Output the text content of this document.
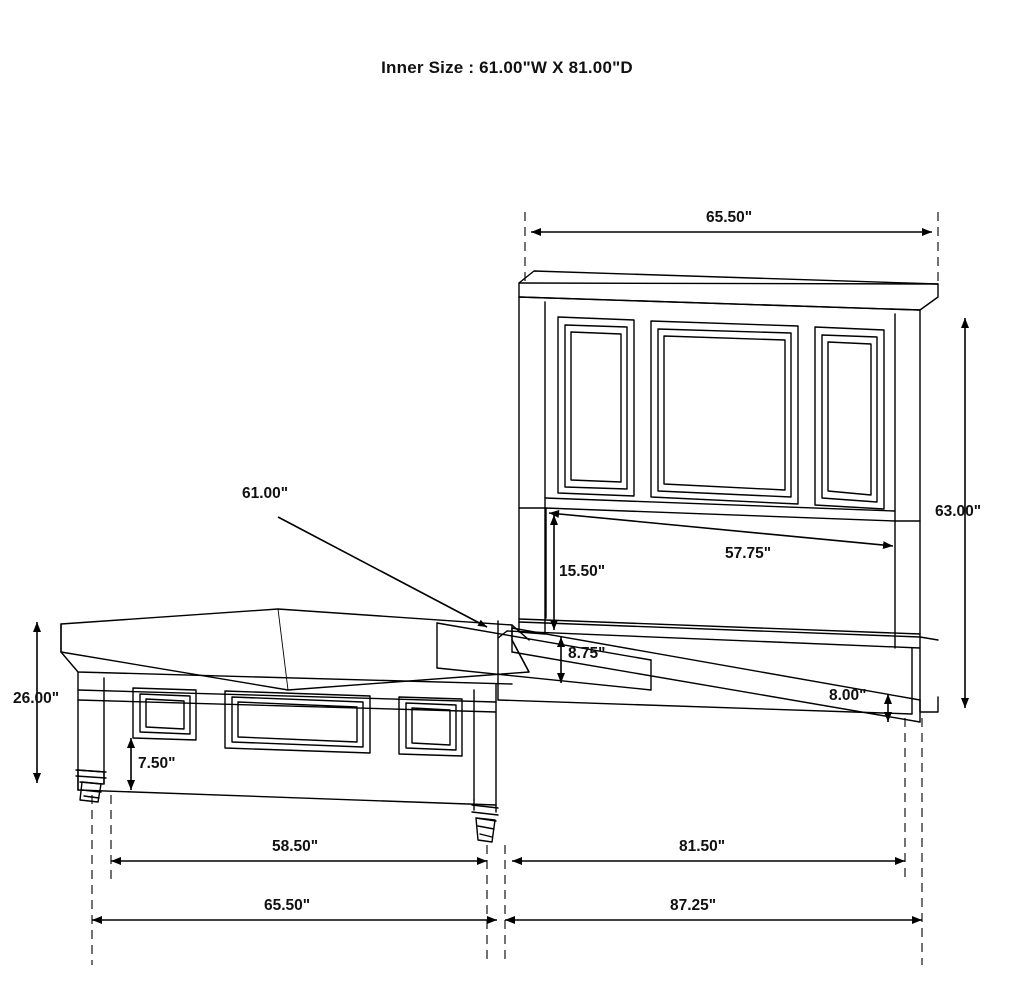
Inner Size : 61.00"W X 81.00"D
65.50"
63.00"
57.75"
61.00"
15.50"
8.75"
8.00"
26.00"
7.50"
58.50"	81.50"
65.50"	87.25"
